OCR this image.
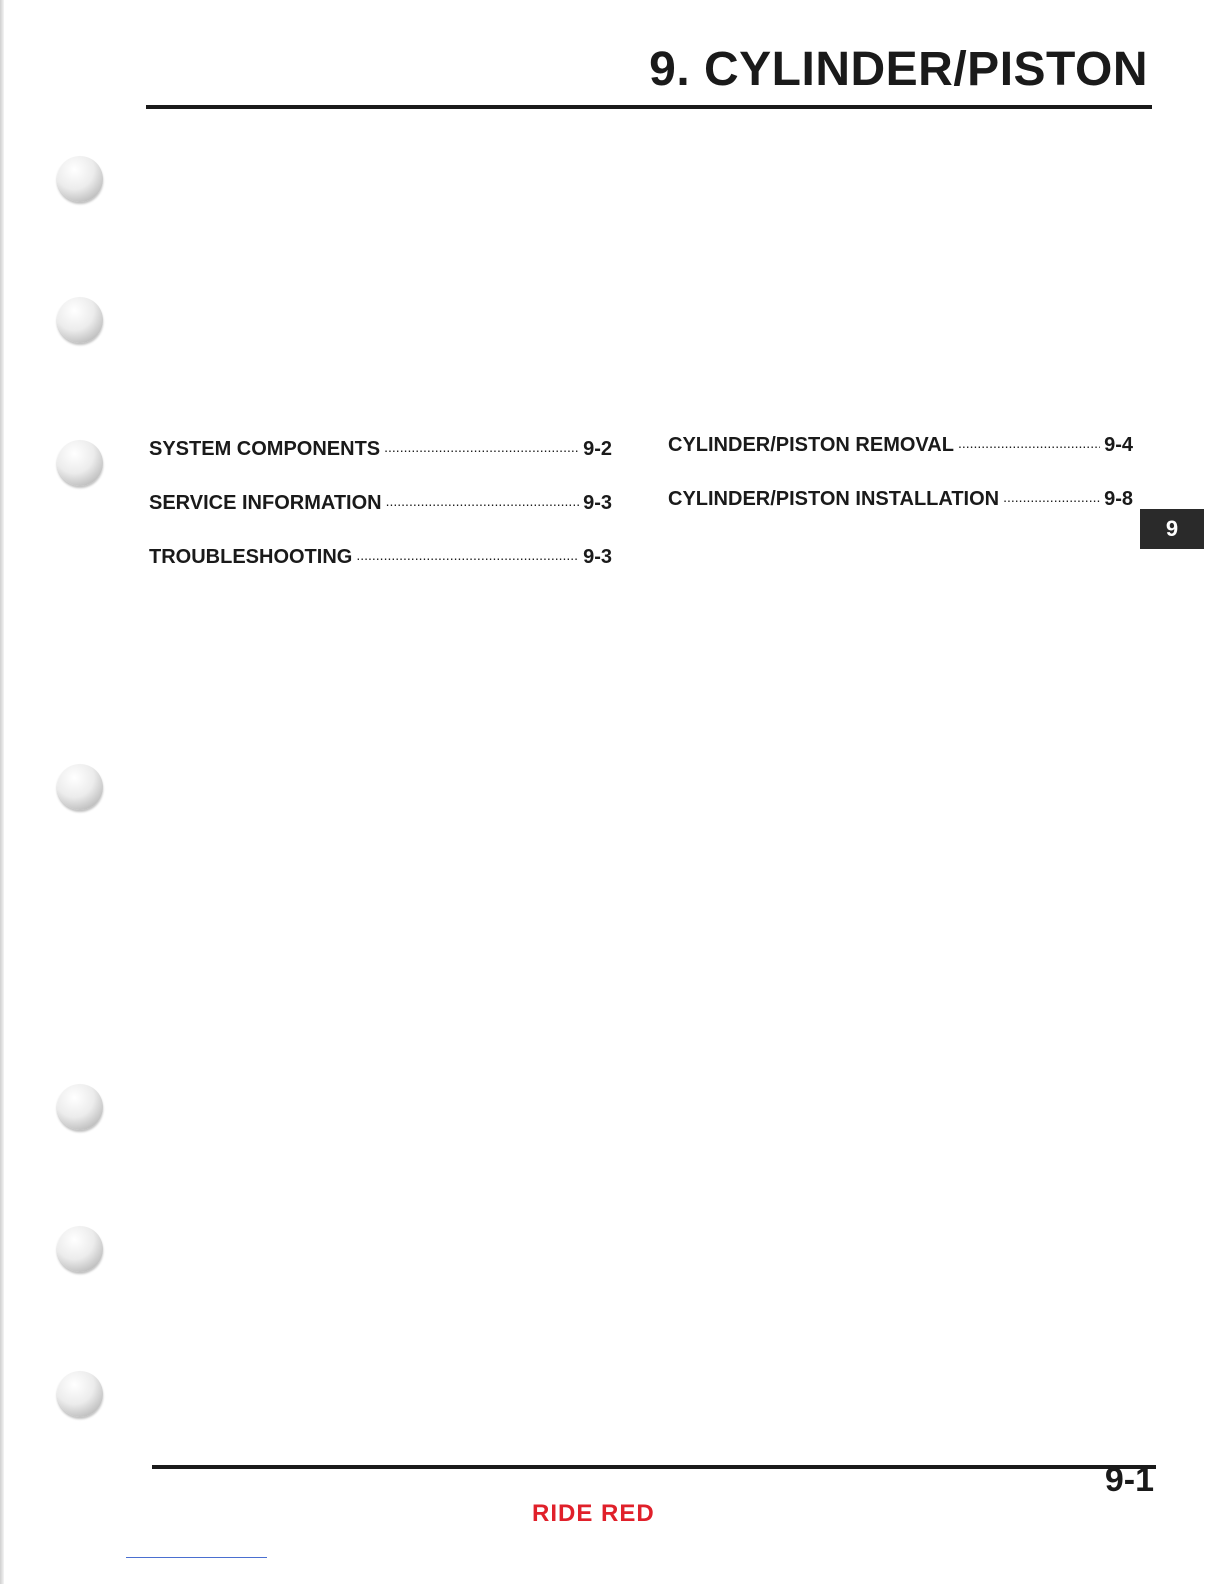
9. CYLINDER/PISTON
SYSTEM COMPONENTS .....	9-2
SERVICE INFORMATION .....	9-3
TROUBLESHOOTING .....	9-3
CYLINDER/PISTON REMOVAL .....	9-4
CYLINDER/PISTON INSTALLATION .....	9-8
9
9-1
RIDE RED
